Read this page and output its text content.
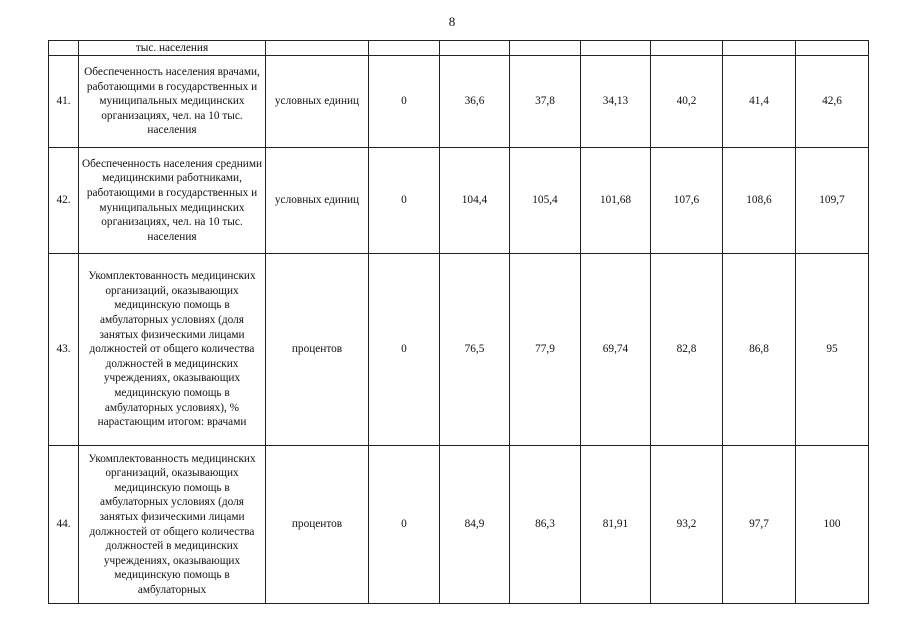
8
	тыс. населения								
41.	Обеспеченность населения врачами, работающими в государственных и муниципальных медицинских организациях, чел. на 10 тыс. населения	условных единиц	0	36,6	37,8	34,13	40,2	41,4	42,6
42.	Обеспеченность населения средними медицинскими работниками, работающими в государственных и муниципальных медицинских организациях, чел. на 10 тыс. населения	условных единиц	0	104,4	105,4	101,68	107,6	108,6	109,7
43.	Укомплектованность медицинских организаций, оказывающих медицинскую помощь в амбулаторных условиях (доля занятых физическими лицами должностей от общего количества должностей в медицинских учреждениях, оказывающих медицинскую помощь в амбулаторных условиях), % нарастающим итогом: врачами	процентов	0	76,5	77,9	69,74	82,8	86,8	95
44.	Укомплектованность медицинских организаций, оказывающих медицинскую помощь в амбулаторных условиях (доля занятых физическими лицами должностей от общего количества должностей в медицинских учреждениях, оказывающих медицинскую помощь в амбулаторных	процентов	0	84,9	86,3	81,91	93,2	97,7	100
